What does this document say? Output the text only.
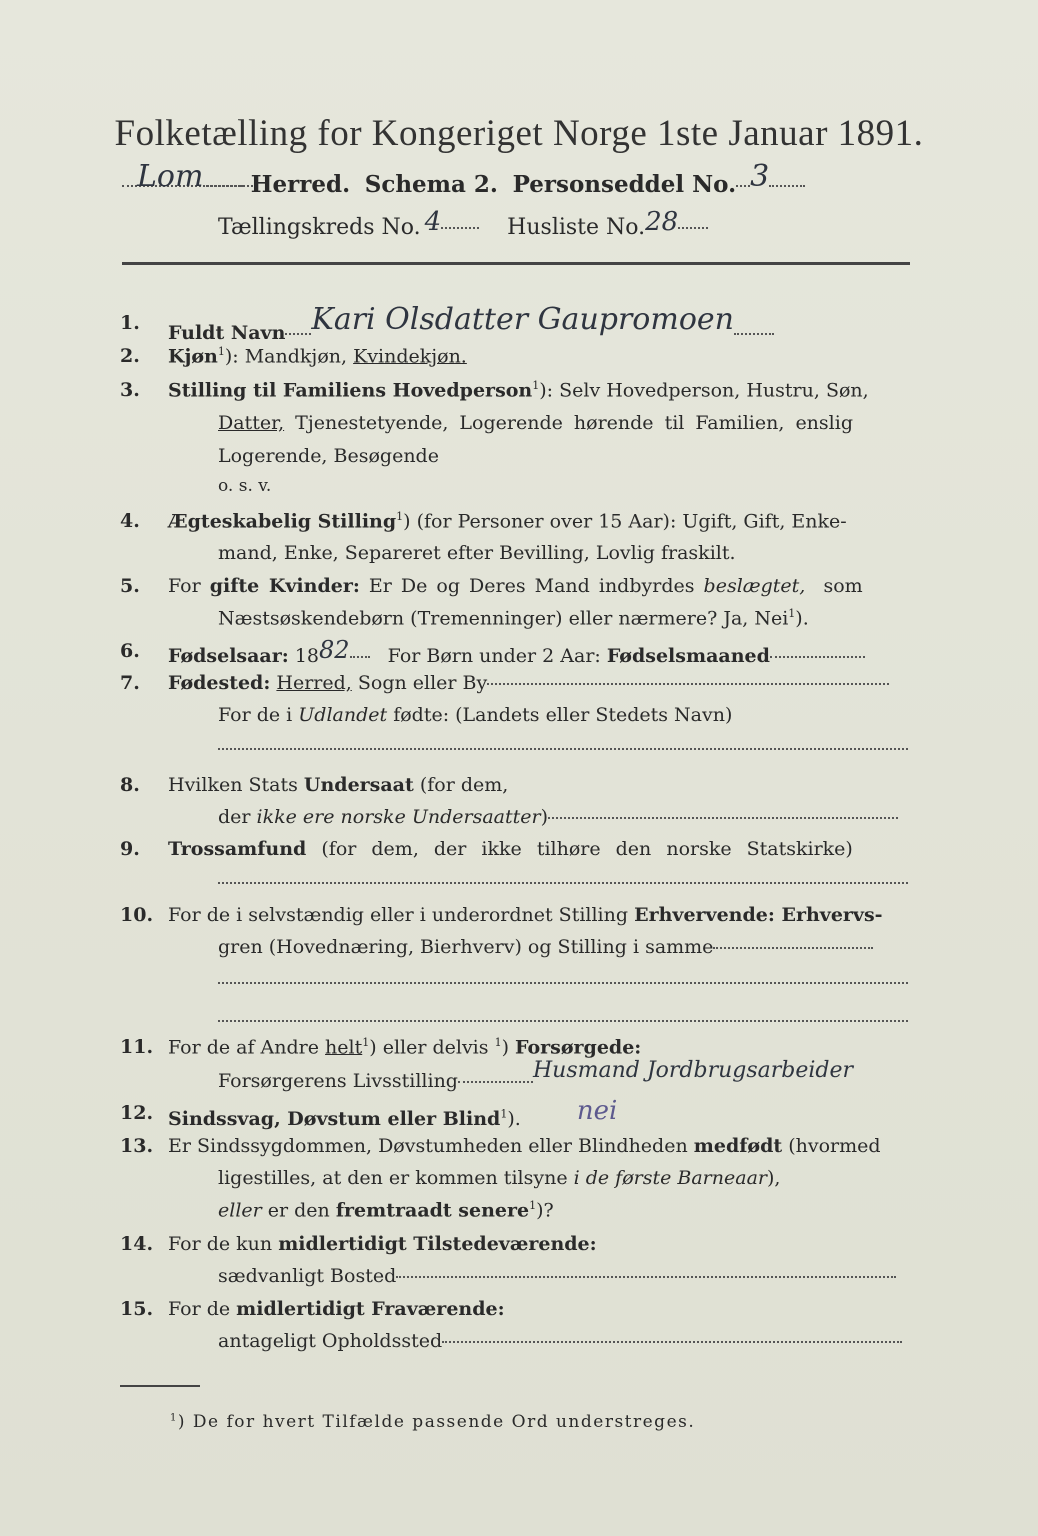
Folketælling for Kongeriget Norge 1ste Januar 1891.
Lom Herred. Schema 2. Personseddel No. 3
Tællingskreds No. 4	Husliste No.28
1.	Fuldt Navn Kari Olsdatter Gaupromoen
2.	Kjøn$^1$): Mandkjøn, Kvindekjøn.
3.	Stilling til Familiens Hovedperson$^1$): Selv Hovedperson, Hustru, Søn,
Datter, Tjenestetyende, Logerende hørende til Familien, enslig
Logerende, Besøgende
o. s. v.
4.	Ægteskabelig Stilling$^1$) (for Personer over 15 Aar): Ugift, Gift, Enke-
mand, Enke, Separeret efter Bevilling, Lovlig fraskilt.
5.	For gifte Kvinder: Er De og Deres Mand indbyrdes beslægtet, som
Næstsøskendebørn (Tremenninger) eller nærmere? Ja, Nei$^1$).
6.	Fødselsaar: 1882 For Børn under 2 Aar: Fødselsmaaned
7.	Fødested: Herred, Sogn eller By
For de i Udlandet fødte: (Landets eller Stedets Navn)
8.	Hvilken Stats Undersaat (for dem,
der ikke ere norske Undersaatter)
9.	Trossamfund (for dem, der ikke tilhøre den norske Statskirke)
10. For de i selvstændig eller i underordnet Stilling Erhvervende: Erhvervs-
gren (Hovednæring, Bierhverv) og Stilling i samme
11. For de af Andre helt$^1$) eller delvis $^1$) Forsørgede:
Forsørgerens Livsstilling	Husmand Jordbrugsarbeider
12. Sindssvag, Døvstum eller Blind$^1$). nei
13. Er Sindssygdommen, Døvstumheden eller Blindheden medfødt (hvormed
ligestilles, at den er kommen tilsyne i de første Barneaar),
eller er den fremtraadt senere$^1$)?
14. For de kun midlertidigt Tilstedeværende:
sædvanligt Bosted
15. For de midlertidigt Fraværende:
antageligt Opholdssted
$^1$) De for hvert Tilfælde passende Ord understreges.
